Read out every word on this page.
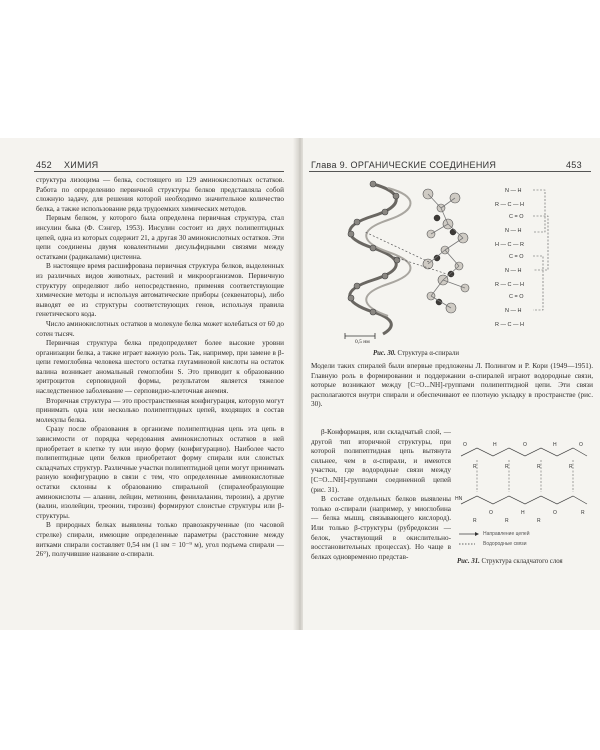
452 ХИМИЯ

структура лизоцима — белка, состоящего из 129 аминокислотных остатков. Работа по определению первичной структуры белков представляла собой сложную задачу, для решения которой необходимо значительное количество белка, а также использование ряда трудоемких химических методов.

Первым белком, у которого была определена первичная структура, стал инсулин быка (Ф. Сэнгер, 1953). Инсулин состоит из двух полипептидных цепей, одна из которых содержит 21, а другая 30 аминокислотных остатков. Эти цепи соединены двумя ковалентными дисульфидными связями между остатками (радикалами) цистеина.

В настоящее время расшифрована первичная структура белков, выделенных из различных видов животных, растений и микроорганизмов. Первичную структуру определяют либо непосредственно, применяя соответствующие химические методы и используя автоматические приборы (секвенаторы), либо выводят ее из структуры соответствующих генов, используя правила генетического кода.

Число аминокислотных остатков в молекуле белка может колебаться от 60 до сотен тысяч.

Первичная структура белка предопределяет более высокие уровни организации белка, а также играет важную роль. Так, например, при замене в β-цепи гемоглобина человека шестого остатка глутаминовой кислоты на остаток валина возникает аномальный гемоглобин S. Это приводит к образованию эритроцитов серповидной формы, результатом является тяжелое наследственное заболевание — серповидно-клеточная анемия.

Вторичная структура — это пространственная конфигурация, которую могут принимать одна или несколько полипептидных цепей, входящих в состав молекулы белка.

Сразу после образования в организме полипептидная цепь эта цепь в зависимости от порядка чередования аминокислотных остатков в ней приобретает в клетке ту или иную форму (конфигурацию). Наиболее часто полипептидные цепи белков приобретают форму спирали или слоистых складчатых структур. Различные участки полипептидной цепи могут принимать разную конфигурацию в связи с тем, что определенные аминокислотные остатки склонны к образованию спиральной (спиралеобразующие аминокислоты — аланин, лейцин, метионин, фенилаланин, тирозин), а другие (валин, изолейцин, треонин, тирозин) формируют слоистые структуры или β-структуры.

В природных белках выявлены только правозакрученные (по часовой стрелке) спирали, имеющие определенные параметры (расстояние между витками спирали составляет 0,54 нм (1 нм = 10⁻⁹ м), угол подъема спирали — 26°), получившие название α-спирали.

Глава 9. ОРГАНИЧЕСКИЕ СОЕДИНЕНИЯ	453
N — H
R — C — H
C = O
N — H
H — C — R
C = O
N — H
R — C — H
C = O
N — H
R — C — H
0,5 нм
Рис. 30. Структура α-спирали

Модели таких спиралей были впервые предложены Л. Полингом и Р. Кори (1949—1951). Главную роль в формировании и поддержании α-спиралей играют водородные связи, которые возникают между [C=O...NH]-группами полипептидной цепи. Эти связи располагаются внутри спирали и обеспечивают ее плотную укладку в пространстве (рис. 30).

β-Конформация, или складчатый слой, — другой тип вторичной структуры, при которой полипептидная цепь вытянута сильнее, чем в α-спирали, и имеются участки, где водородные связи между [C=O...NH]-группами соединенной цепей (рис. 31).

В составе отдельных белков выявлены только α-спирали (например, у миоглобина — белка мышц, связывающего кислород). Или только β-структуры (рубредоксин — белок, участвующий в окислительно-восстановительных процессах). Но чаще в белках одновременно представ-

O	H	O	H	O
R	R	R	R
HN
O	H	O	R
R	R	R
Направление цепей
Водородные связи
Рис. 31. Структура складчатого слоя
